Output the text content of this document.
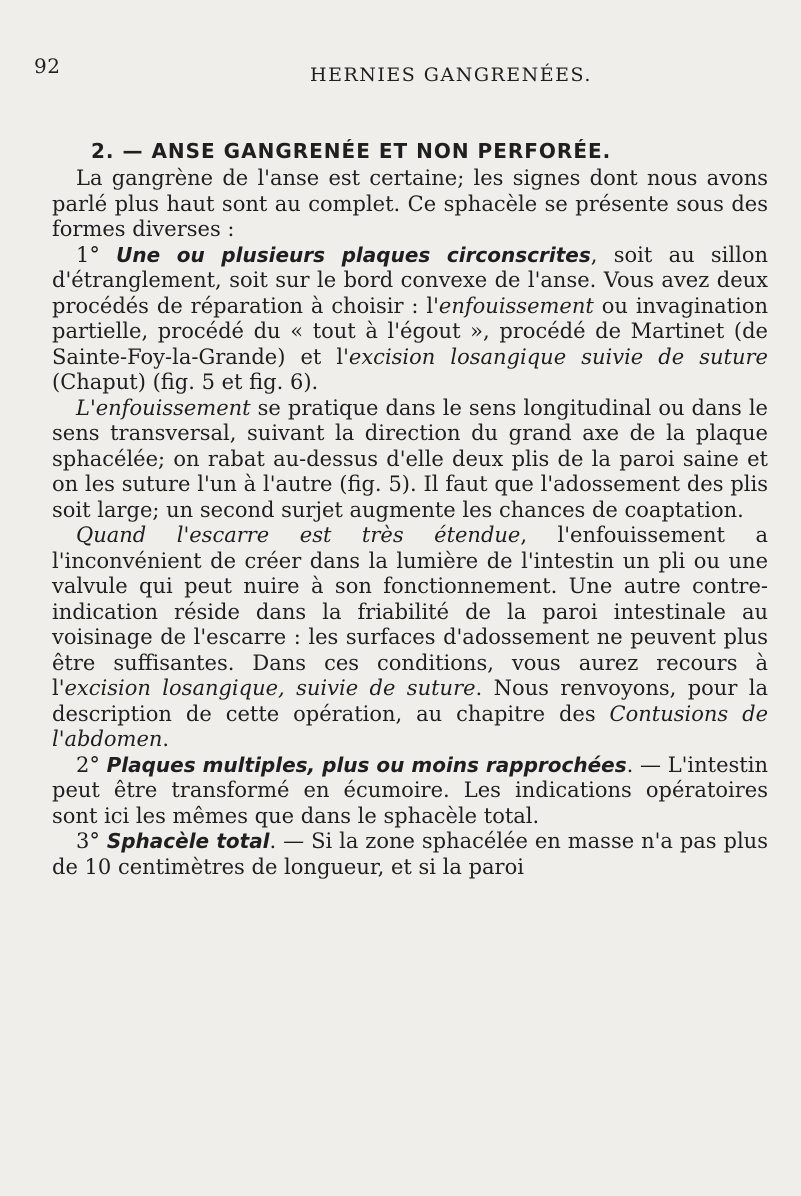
92	HERNIES GANGRENÉES.
2. — ANSE GANGRENÉE ET NON PERFORÉE.

La gangrène de l'anse est certaine; les signes dont nous avons parlé plus haut sont au complet. Ce sphacèle se présente sous des formes diverses :

1° Une ou plusieurs plaques circonscrites, soit au sillon d'étranglement, soit sur le bord convexe de l'anse. Vous avez deux procédés de réparation à choisir : l'enfouissement ou invagination partielle, procédé du « tout à l'égout », procédé de Martinet (de Sainte-Foy-la-Grande) et l'excision losangique suivie de suture (Chaput) (fig. 5 et fig. 6).

L'enfouissement se pratique dans le sens longitudinal ou dans le sens transversal, suivant la direction du grand axe de la plaque sphacélée; on rabat au-dessus d'elle deux plis de la paroi saine et on les suture l'un à l'autre (fig. 5). Il faut que l'adossement des plis soit large; un second surjet augmente les chances de coaptation.

Quand l'escarre est très étendue, l'enfouissement a l'inconvénient de créer dans la lumière de l'intestin un pli ou une valvule qui peut nuire à son fonctionnement. Une autre contre-indication réside dans la friabilité de la paroi intestinale au voisinage de l'escarre : les surfaces d'adossement ne peuvent plus être suffisantes. Dans ces conditions, vous aurez recours à l'excision losangique, suivie de suture. Nous renvoyons, pour la description de cette opération, au chapitre des Contusions de l'abdomen.

2° Plaques multiples, plus ou moins rapprochées. — L'intestin peut être transformé en écumoire. Les indications opératoires sont ici les mêmes que dans le sphacèle total.

3° Sphacèle total. — Si la zone sphacélée en masse n'a pas plus de 10 centimètres de longueur, et si la paroi
